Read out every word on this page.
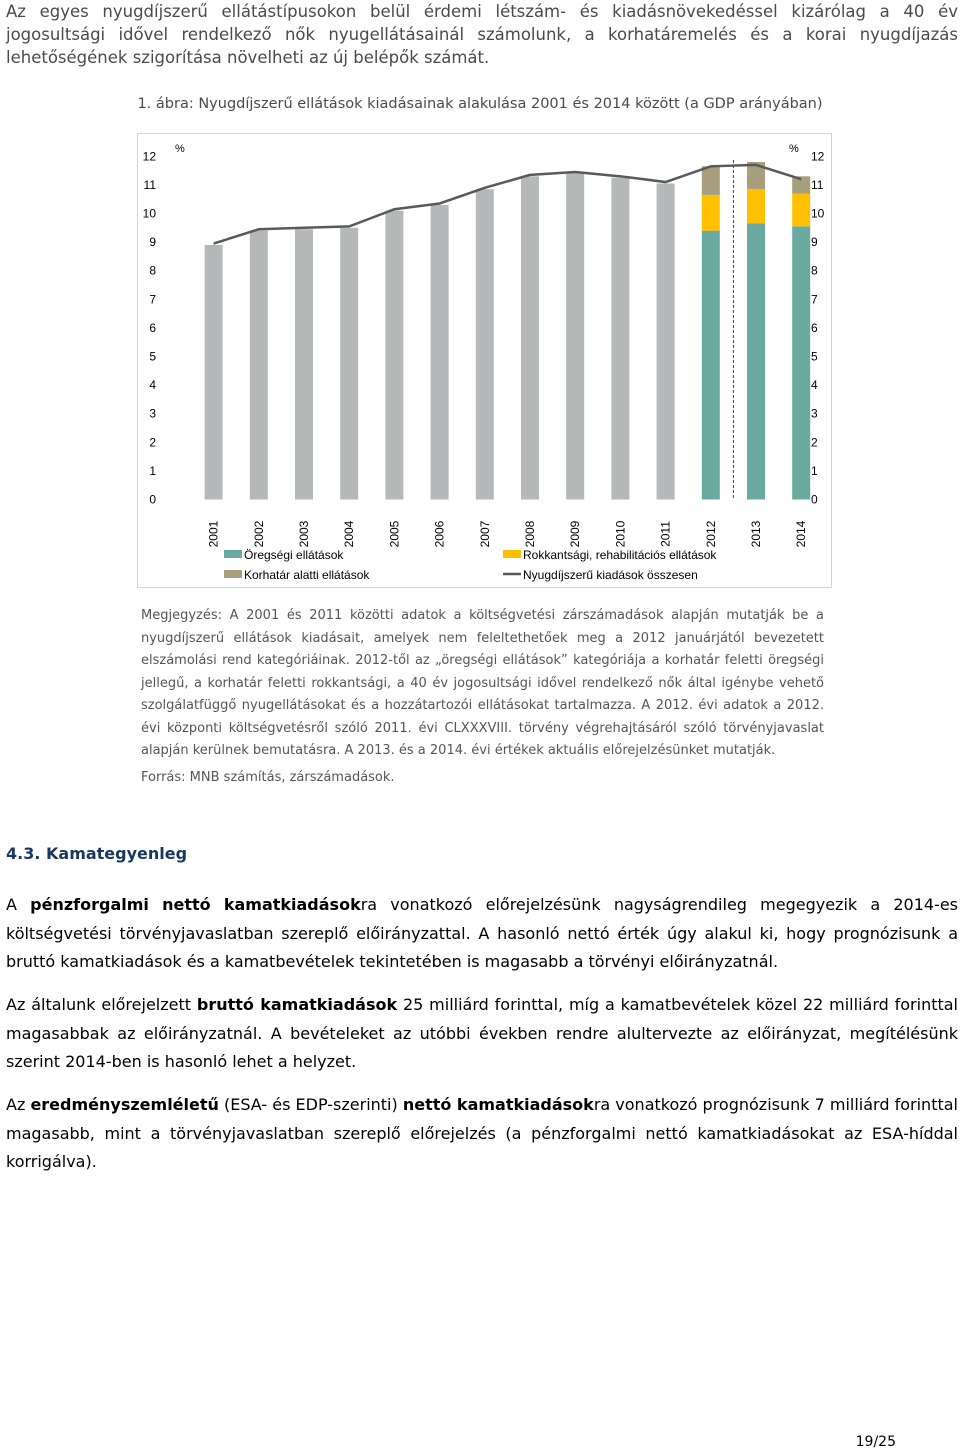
Az egyes nyugdíjszerű ellátástípusokon belül érdemi létszám- és kiadásnövekedéssel kizárólag a 40 év jogosultsági idővel rendelkező nők nyugellátásainál számolunk, a korhatáremelés és a korai nyugdíjazás lehetőségének szigorítása növelheti az új belépők számát.
1. ábra: Nyugdíjszerű ellátások kiadásainak alakulása 2001 és 2014 között (a GDP arányában)
0	0
1	1
2	2
3	3
4	4
5	5
6	6
7	7
8	8
9	9
10	10
11	11
12	12
%	%
2001	2002	2003	2004	2005	2006	2007	2008	2009	2010	2011	2012	2013	2014
Öregségi ellátások	Rokkantsági, rehabilitációs ellátások
Korhatár alatti ellátások	Nyugdíjszerű kiadások összesen
Megjegyzés: A 2001 és 2011 közötti adatok a költségvetési zárszámadások alapján mutatják be a nyugdíjszerű ellátások kiadásait, amelyek nem feleltethetőek meg a 2012 januárjától bevezetett elszámolási rend kategóriáinak. 2012-től az „öregségi ellátások” kategóriája a korhatár feletti öregségi jellegű, a korhatár feletti rokkantsági, a 40 év jogosultsági idővel rendelkező nők által igénybe vehető szolgálatfüggő nyugellátásokat és a hozzátartozói ellátásokat tartalmazza. A 2012. évi adatok a 2012. évi központi költségvetésről szóló 2011. évi CLXXXVIII. törvény végrehajtásáról szóló törvényjavaslat alapján kerülnek bemutatásra. A 2013. és a 2014. évi értékek aktuális előrejelzésünket mutatják.
Forrás: MNB számítás, zárszámadások.
4.3. Kamategyenleg
A pénzforgalmi nettó kamatkiadásokra vonatkozó előrejelzésünk nagyságrendileg megegyezik a 2014-es költségvetési törvényjavaslatban szereplő előirányzattal. A hasonló nettó érték úgy alakul ki, hogy prognózisunk a bruttó kamatkiadások és a kamatbevételek tekintetében is magasabb a törvényi előirányzatnál.
Az általunk előrejelzett bruttó kamatkiadások 25 milliárd forinttal, míg a kamatbevételek közel 22 milliárd forinttal magasabbak az előirányzatnál. A bevételeket az utóbbi években rendre alultervezte az előirányzat, megítélésünk szerint 2014-ben is hasonló lehet a helyzet.
Az eredményszemléletű (ESA- és EDP-szerinti) nettó kamatkiadásokra vonatkozó prognózisunk 7 milliárd forinttal magasabb, mint a törvényjavaslatban szereplő előrejelzés (a pénzforgalmi nettó kamatkiadásokat az ESA-híddal korrigálva).
19/25
